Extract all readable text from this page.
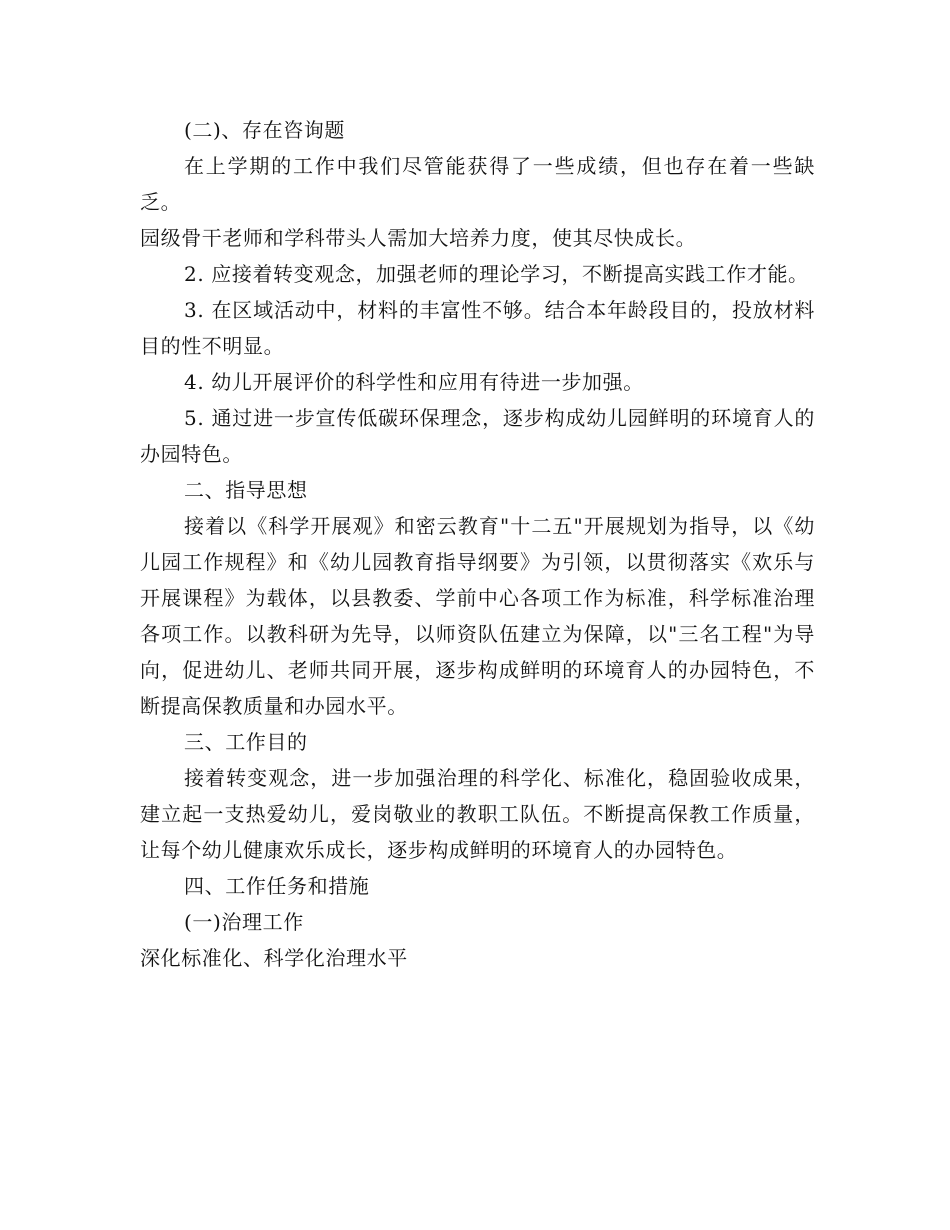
(二)、存在咨询题

在上学期的工作中我们尽管能获得了一些成绩，但也存在着一些缺乏。

园级骨干老师和学科带头人需加大培养力度，使其尽快成长。

2. 应接着转变观念，加强老师的理论学习，不断提高实践工作才能。

3. 在区域活动中，材料的丰富性不够。结合本年龄段目的，投放材料目的性不明显。

4. 幼儿开展评价的科学性和应用有待进一步加强。

5. 通过进一步宣传低碳环保理念，逐步构成幼儿园鲜明的环境育人的办园特色。

二、指导思想

接着以《科学开展观》和密云教育"十二五"开展规划为指导，以《幼儿园工作规程》和《幼儿园教育指导纲要》为引领，以贯彻落实《欢乐与开展课程》为载体，以县教委、学前中心各项工作为标准，科学标准治理各项工作。以教科研为先导，以师资队伍建立为保障，以"三名工程"为导向，促进幼儿、老师共同开展，逐步构成鲜明的环境育人的办园特色，不断提高保教质量和办园水平。

三、工作目的

接着转变观念，进一步加强治理的科学化、标准化，稳固验收成果，建立起一支热爱幼儿，爱岗敬业的教职工队伍。不断提高保教工作质量，让每个幼儿健康欢乐成长，逐步构成鲜明的环境育人的办园特色。

四、工作任务和措施

(一)治理工作

深化标准化、科学化治理水平
